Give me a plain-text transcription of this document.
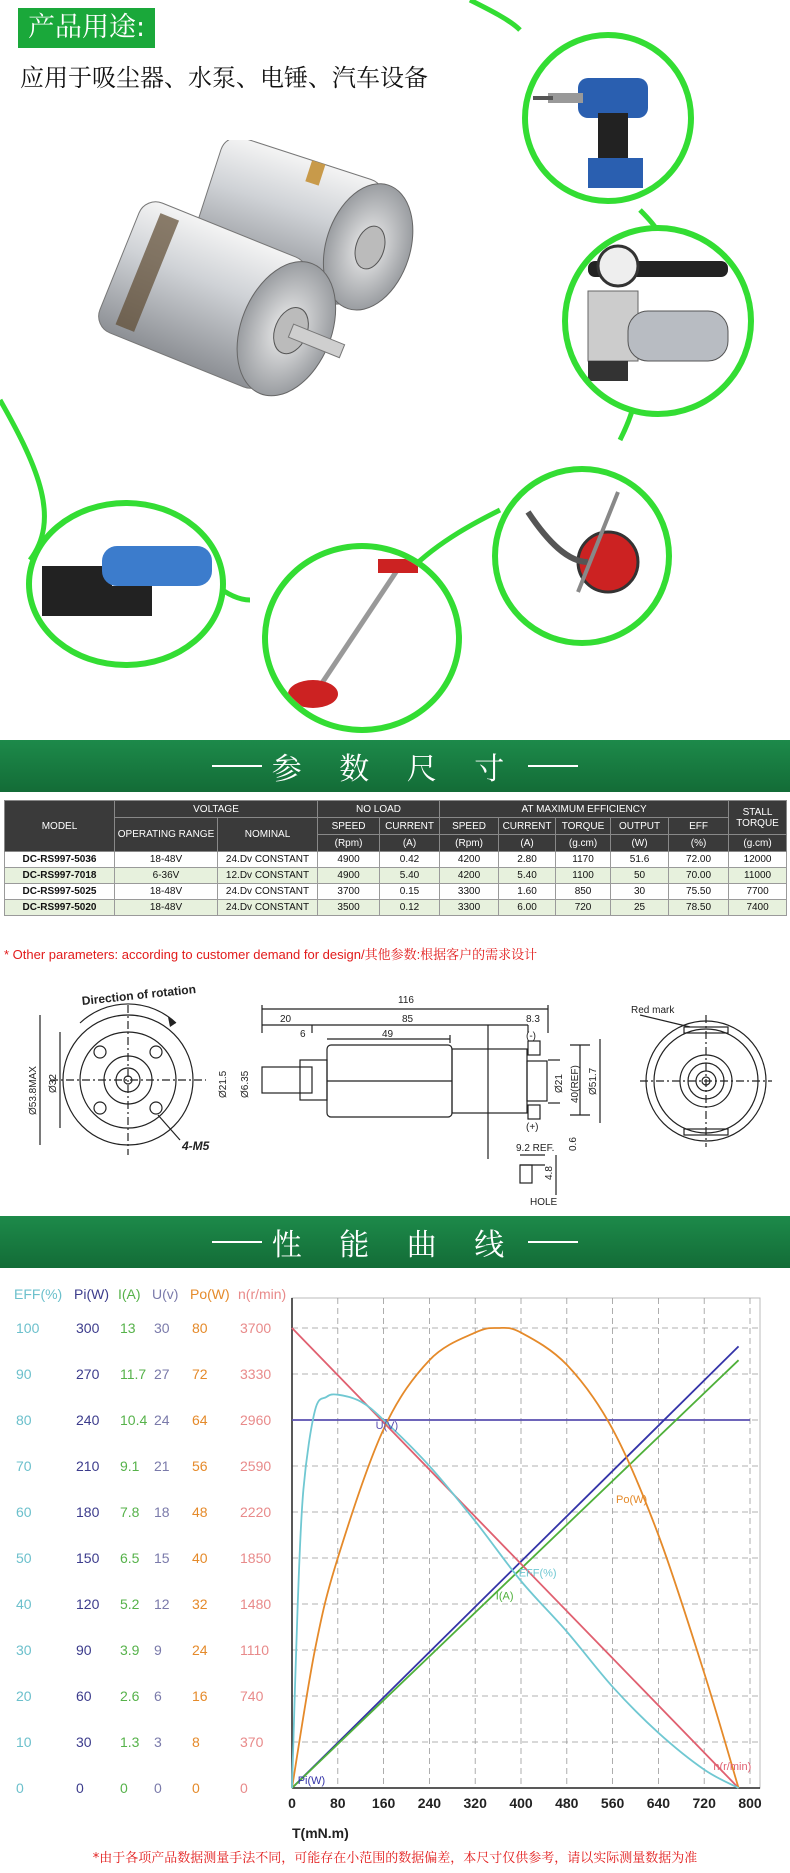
产品用途:
应用于吸尘器、水泵、电锤、汽车设备
参 数 尺 寸
MODEL	VOLTAGE		NO LOAD		AT MAXIMUM EFFICIENCY					STALL TORQUE
	OPERATING RANGE	NOMINAL	SPEED	CURRENT	SPEED	CURRENT	TORQUE	OUTPUT	EFF	
			(Rpm)	(A)	(Rpm)	(A)	(g.cm)	(W)	(%)	(g.cm)
DC-RS997-5036	18-48V	24.Dv CONSTANT	4900	0.42	4200	2.80	1170	51.6	72.00	12000
DC-RS997-7018	6-36V	12.Dv CONSTANT	4900	5.40	4200	5.40	1100	50	70.00	11000
DC-RS997-5025	18-48V	24.Dv CONSTANT	3700	0.15	3300	1.60	850	30	75.50	7700
DC-RS997-5020	18-48V	24.Dv CONSTANT	3500	0.12	3300	6.00	720	25	78.50	7400
* Other parameters: according to customer demand for design/其他参数:根据客户的需求设计
Direction of rotation
Ø53.8MAX Ø32
4-M5
116
20	85	8.3
6	49
Ø21.5 Ø6.35	Ø21 40(REF) Ø51.7
(-)
(+)
9.2 REF. 0.6
4.8
HOLE
Red mark
性 能 曲 线
EFF(%) Pi(W) I(A) U(v) Po(W) n(r/min)
0
10
20
30
40
50
60
70
80
90
100
0
30
60
90
120
150
180
210
240
270
300
0
1.3
2.6
3.9
5.2
6.5
7.8
9.1
10.4
11.7
13
0
3
6
9
12
15
18
21
24
27
30
0
8
16
24
32
40
48
56
64
72
80
0
370
740
1110
1480
1850
2220
2590
2960
3330
3700
0 80 160 240 320 400 480 560 640 720 800
T(mN.m)
U(V)
Po(W)
EFF(%)
I(A)
Pi(W)
n(r/min)
*由于各项产品数据测量手法不同，可能存在小范围的数据偏差，本尺寸仅供参考，请以实际测量数据为准
